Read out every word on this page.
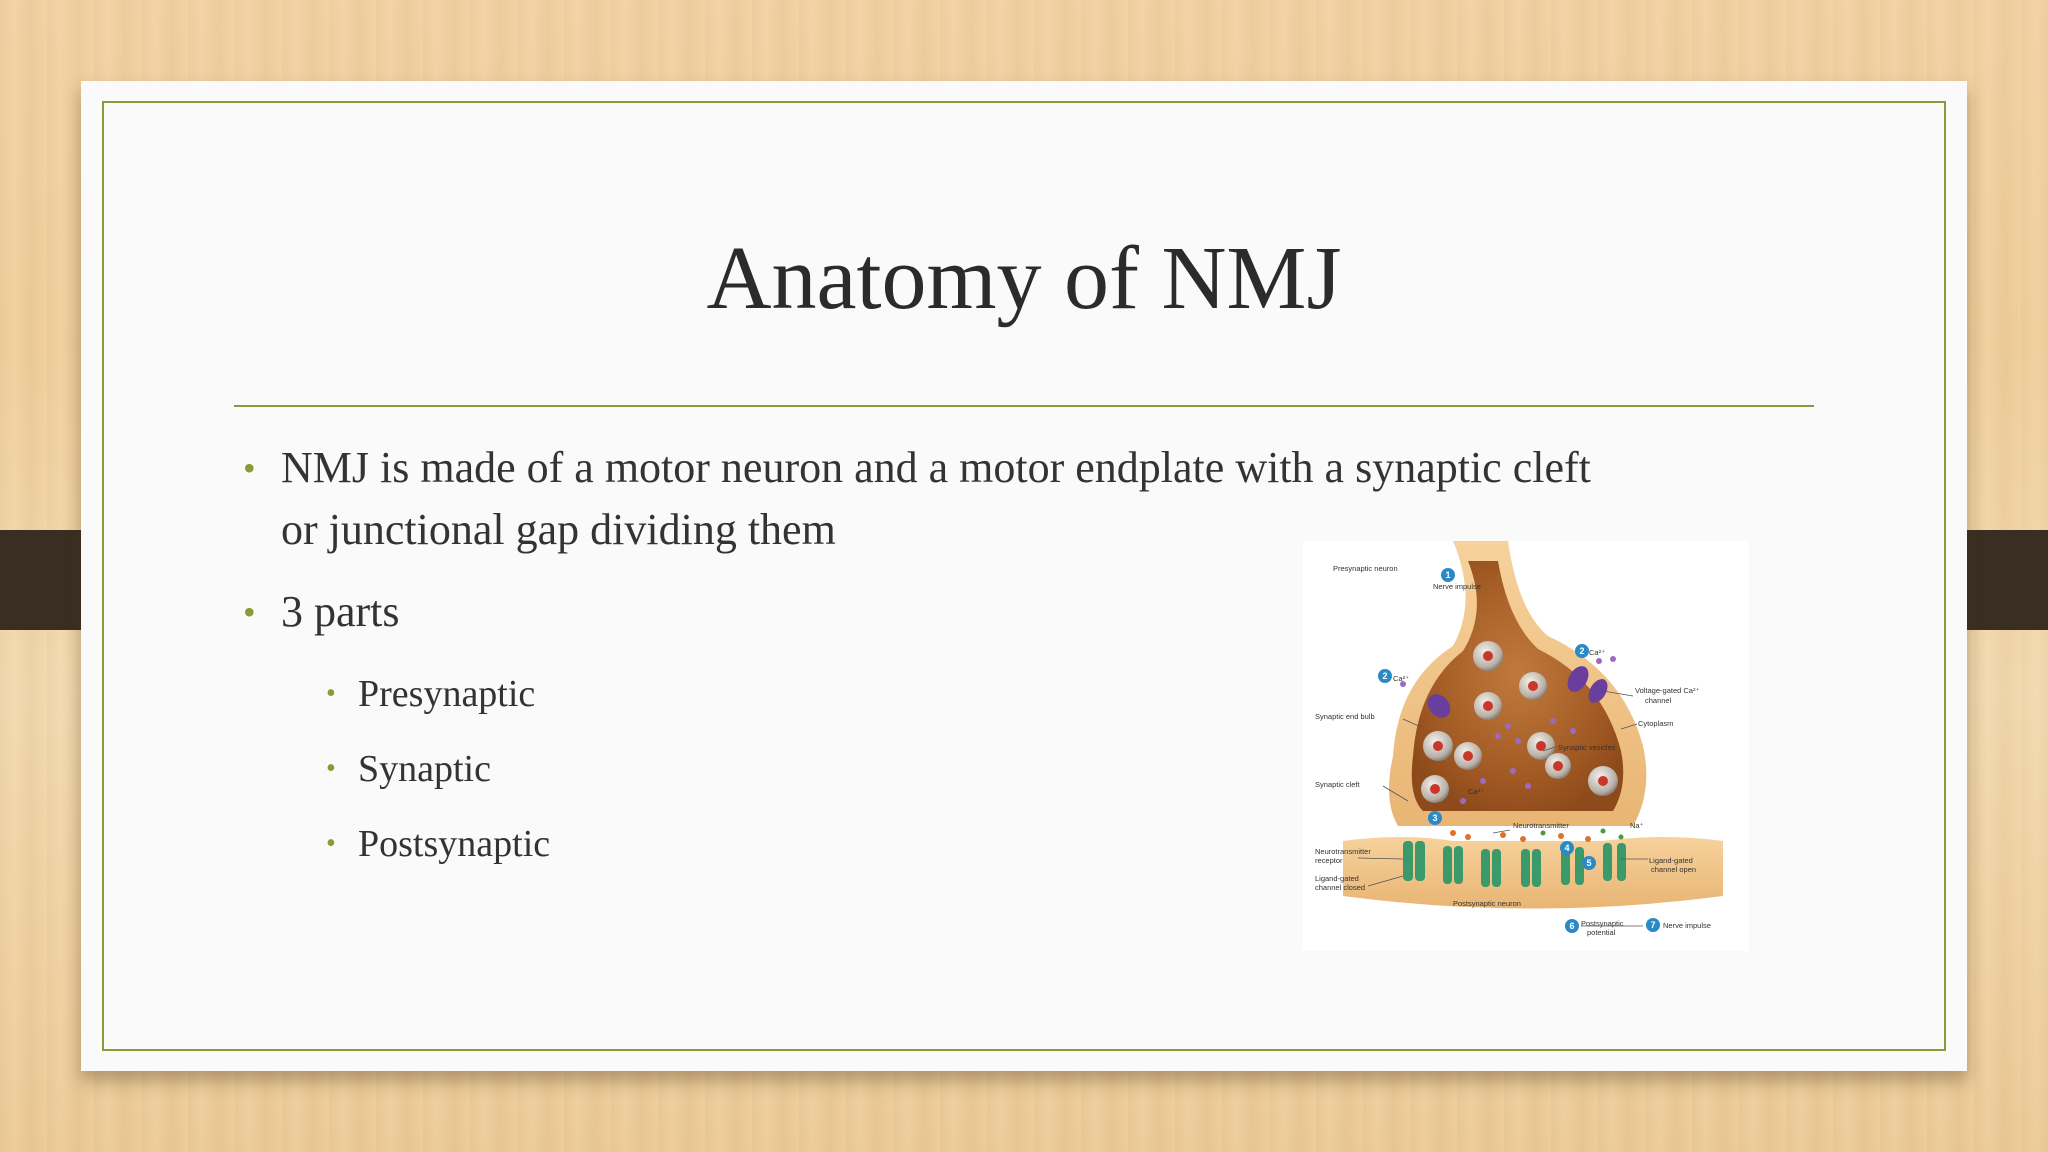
Anatomy of NMJ
• NMJ is made of a motor neuron and a motor endplate with a synaptic cleft
or junctional gap dividing them
• 3 parts
• Presynaptic
• Synaptic
• Postsynaptic
1
2
2
3
4
5
6	7
Presynaptic neuron
Nerve impulse
Ca²⁺
Ca²⁺
Ca²⁺
Voltage-gated Ca²⁺
channel
Cytoplasm
Synaptic end bulb
Synaptic vesicles
Synaptic cleft
Neurotransmitter	Na⁺
Neurotransmitter
receptor
Ligand-gated
channel closed
Ligand-gated
channel open
Postsynaptic neuron
Postsynaptic
potential
Nerve impulse
